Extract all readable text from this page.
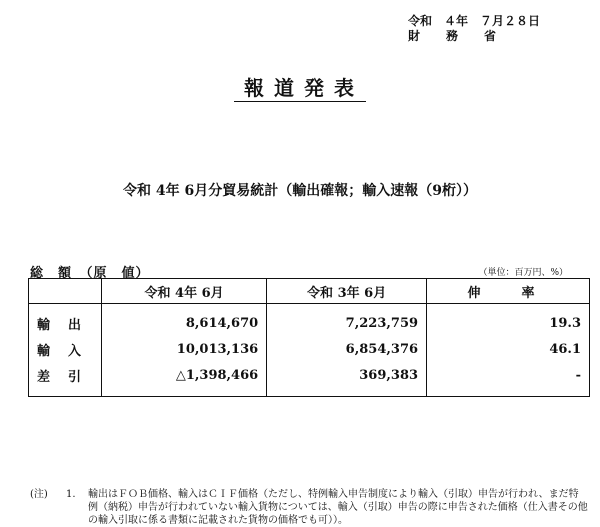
令和　４年　７月２８日
財務省
報道発表
令和 4年 6月分貿易統計（輸出確報；輸入速報（9桁））
総　額　（原　値）	（単位：百万円、%）
	令和 4年 6月	令和 3年 6月	伸　率

輸 出	8,614,670	7,223,759	19.3

輸 入	10,013,136	6,854,376	46.1

差 引	△1,398,466	369,383	-
(注) 1. 輸出はＦＯＢ価格、輸入はＣＩＦ価格（ただし、特例輸入申告制度により輸入（引取）申告が行われ、まだ特例（納税）申告が行われていない輸入貨物については、輸入（引取）申告の際に申告された価格（仕入書その他の輸入引取に係る書類に記載された貨物の価格でも可））。
